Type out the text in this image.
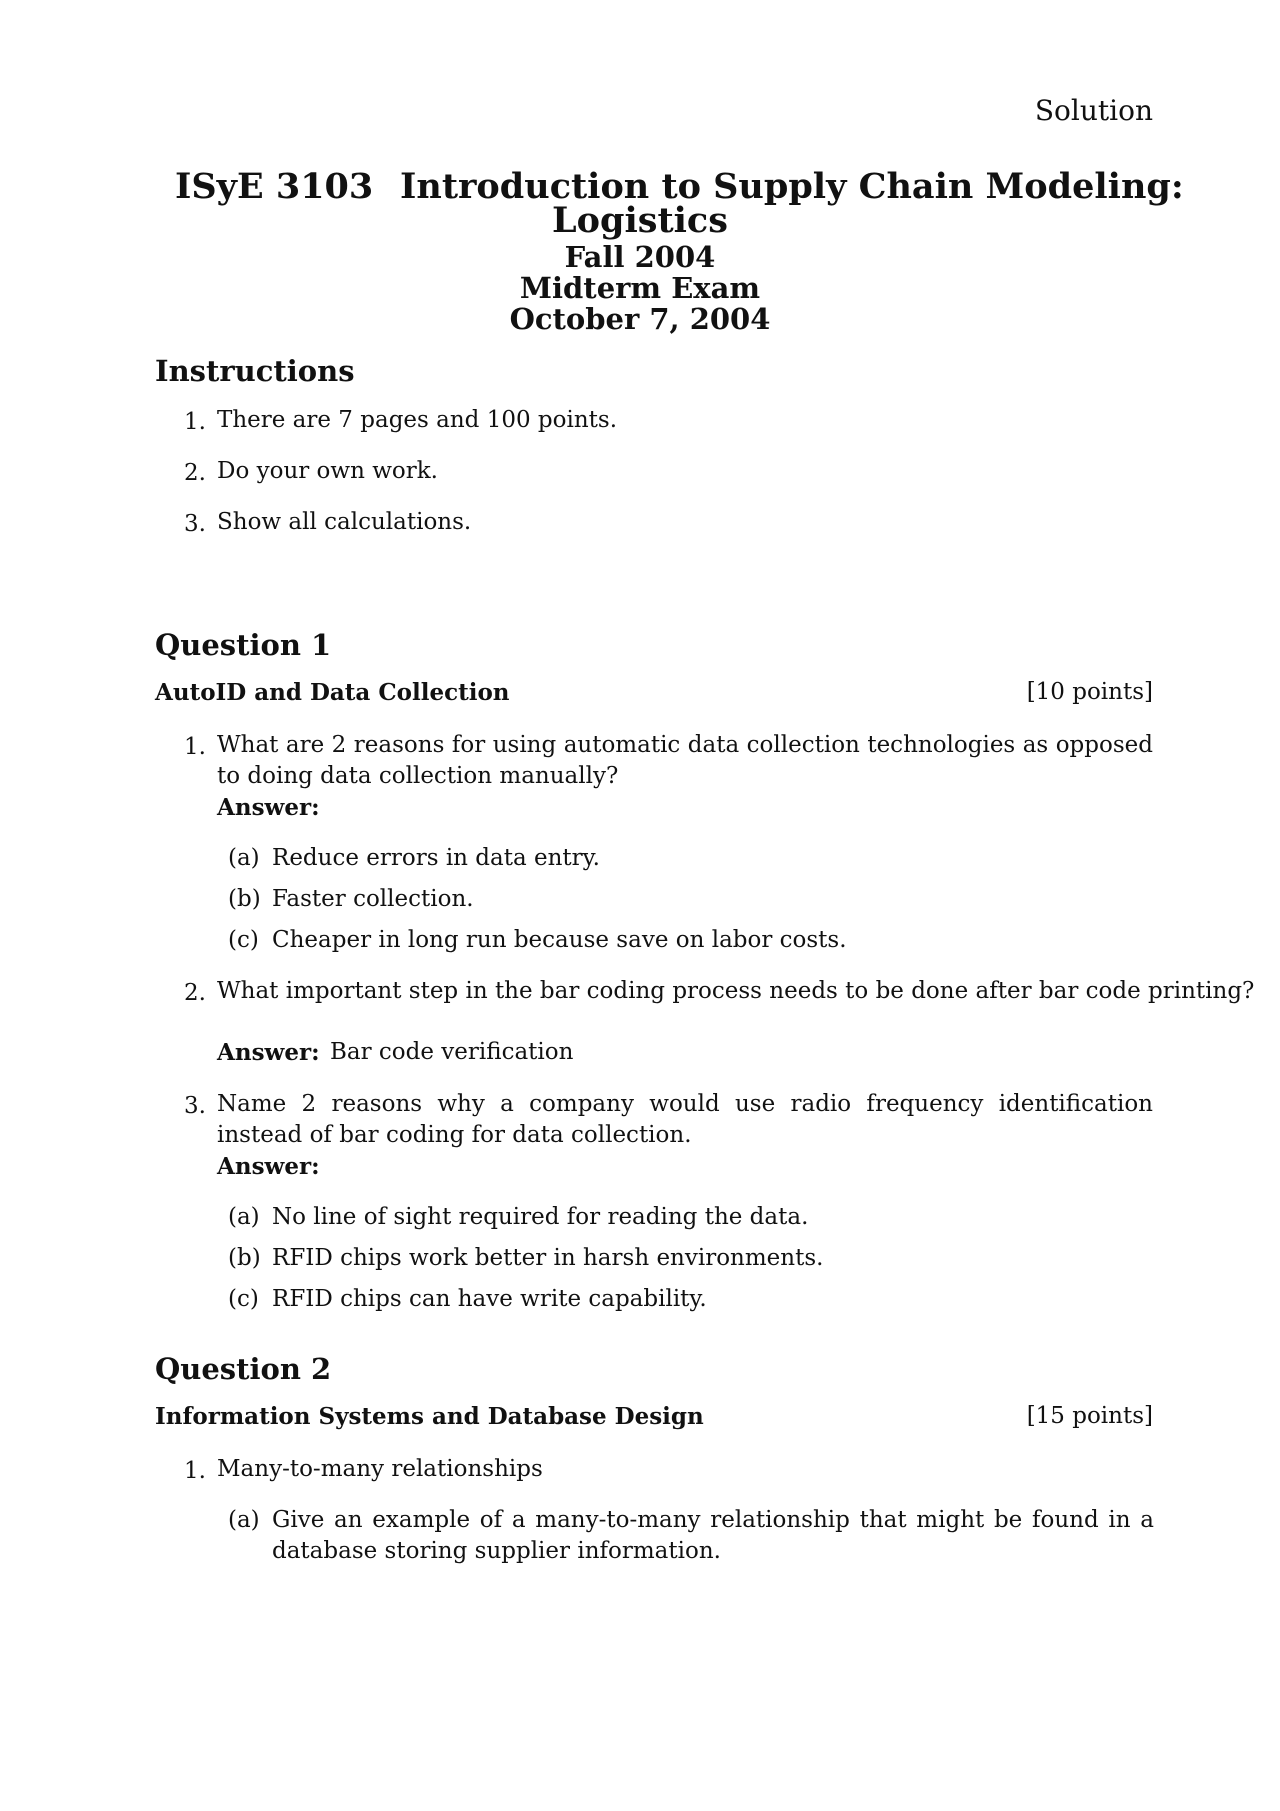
Solution
ISyE 3103 Introduction to Supply Chain Modeling:
Logistics
Fall 2004
Midterm Exam
October 7, 2004
Instructions
1. There are 7 pages and 100 points.
2. Do your own work.
3. Show all calculations.
Question 1
AutoID and Data Collection	[10 points]
1. What are 2 reasons for using automatic data collection technologies as opposed to doing data collection manually?
Answer:
(a) Reduce errors in data entry.
(b) Faster collection.
(c) Cheaper in long run because save on labor costs.
2. What important step in the bar coding process needs to be done after bar code printing?
Answer: Bar code verification
3. Name 2 reasons why a company would use radio frequency identification instead of bar coding for data collection.
Answer:
(a) No line of sight required for reading the data.
(b) RFID chips work better in harsh environments.
(c) RFID chips can have write capability.
Question 2
Information Systems and Database Design	[15 points]
1. Many-to-many relationships
(a) Give an example of a many-to-many relationship that might be found in a database storing supplier information.
